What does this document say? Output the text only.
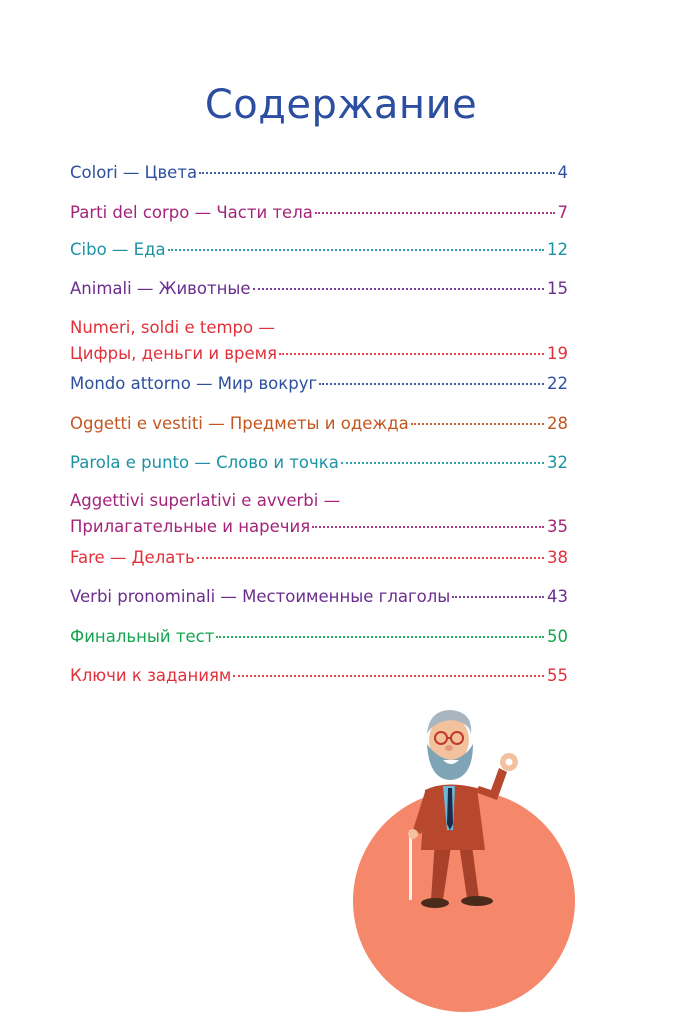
Содержание
Colori — Цвета	4
Parti del corpo — Части тела	7
Cibo — Еда	12
Animali — Животные	15
Numeri, soldi e tempo —
Цифры, деньги и время	19
Mondo attorno — Мир вокруг	22
Oggetti e vestiti — Предметы и одежда	28
Parola e punto — Слово и точка	32
Aggettivi superlativi e avverbi —
Прилагательные и наречия	35
Fare — Делать	38
Verbi pronominali — Местоименные глаголы	43
Финальный тест	50
Ключи к заданиям	55
